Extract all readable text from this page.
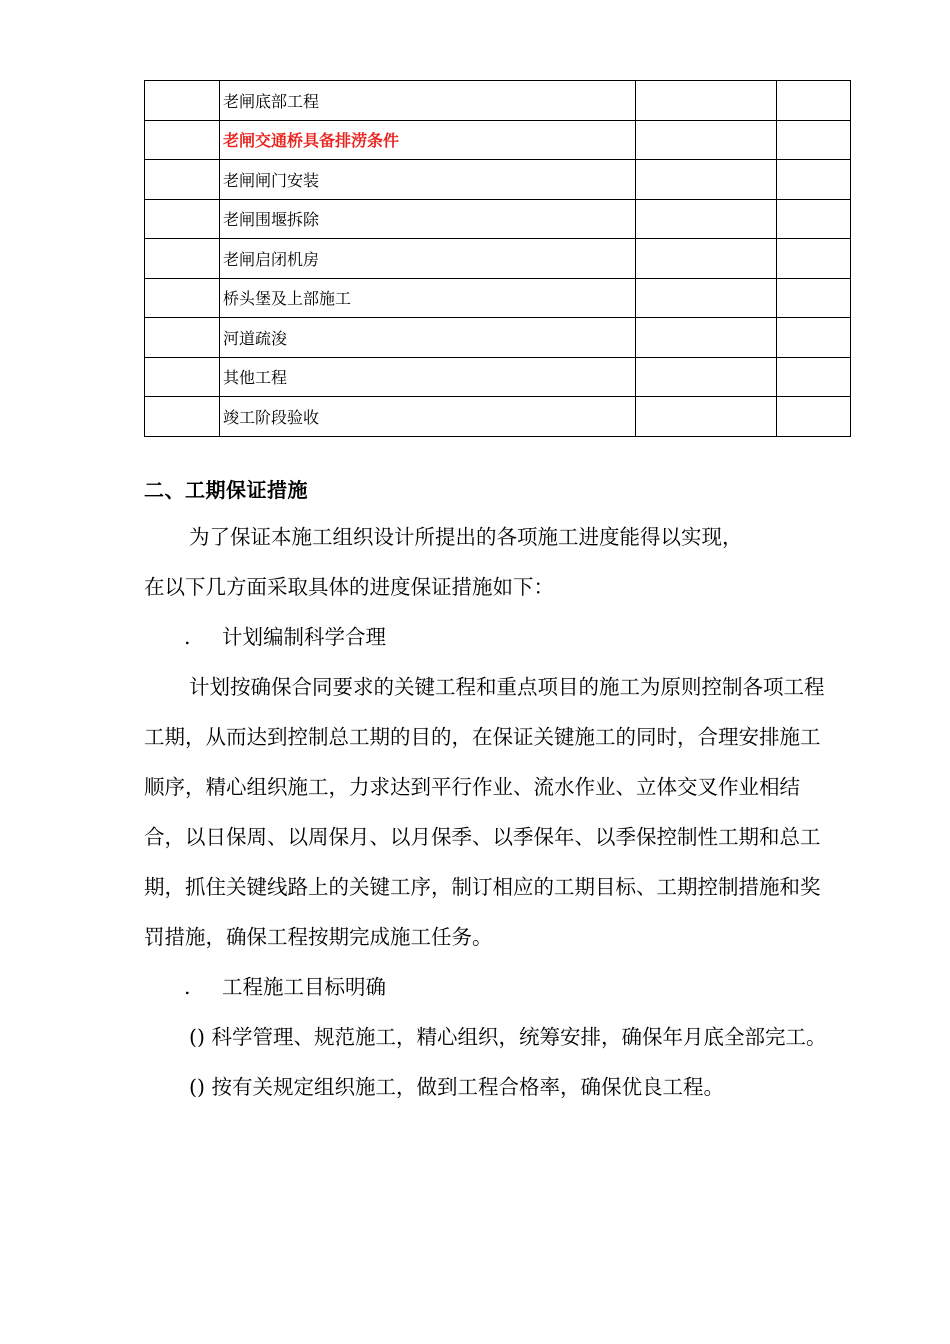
	老闸底部工程		
	老闸交通桥具备排涝条件		
	老闸闸门安装		
	老闸围堰拆除		
	老闸启闭机房		
	桥头堡及上部施工		
	河道疏浚		
	其他工程		
	竣工阶段验收		
二、工期保证措施

为了保证本施工组织设计所提出的各项施工进度能得以实现，

在以下几方面采取具体的进度保证措施如下：

. 计划编制科学合理

计划按确保合同要求的关键工程和重点项目的施工为原则控制各项工程工期，从而达到控制总工期的目的，在保证关键施工的同时，合理安排施工顺序，精心组织施工，力求达到平行作业、流水作业、立体交叉作业相结合，以日保周、以周保月、以月保季、以季保年、以季保控制性工期和总工期，抓住关键线路上的关键工序，制订相应的工期目标、工期控制措施和奖罚措施，确保工程按期完成施工任务。

. 工程施工目标明确

() 科学管理、规范施工，精心组织，统筹安排，确保年月底全部完工。

() 按有关规定组织施工，做到工程合格率，确保优良工程。
